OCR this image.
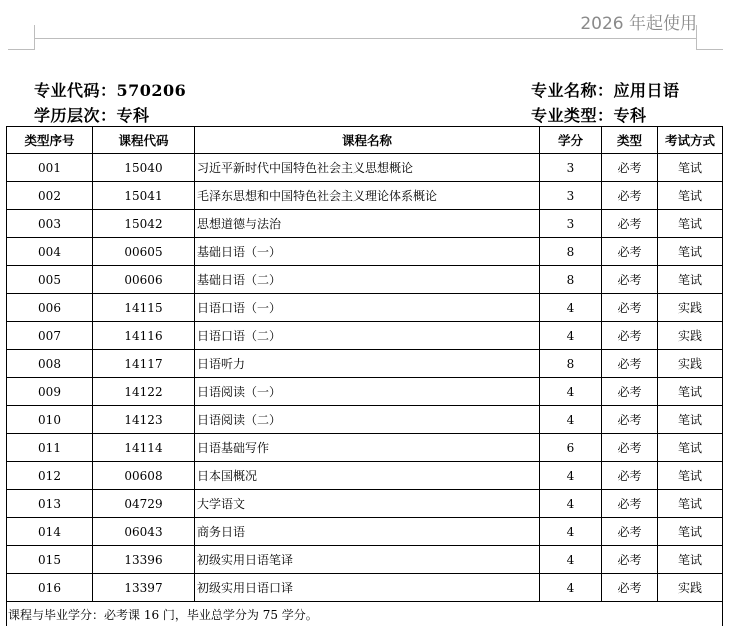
2026 年起使用
专业代码：570206	专业名称：应用日语
学历层次：专科	专业类型：专科
类型序号	课程代码	课程名称	学分	类型	考试方式
001	15040	习近平新时代中国特色社会主义思想概论	3	必考	笔试
002	15041	毛泽东思想和中国特色社会主义理论体系概论	3	必考	笔试
003	15042	思想道德与法治	3	必考	笔试
004	00605	基础日语（一）	8	必考	笔试
005	00606	基础日语（二）	8	必考	笔试
006	14115	日语口语（一）	4	必考	实践
007	14116	日语口语（二）	4	必考	实践
008	14117	日语听力	8	必考	实践
009	14122	日语阅读（一）	4	必考	笔试
010	14123	日语阅读（二）	4	必考	笔试
011	14114	日语基础写作	6	必考	笔试
012	00608	日本国概况	4	必考	笔试
013	04729	大学语文	4	必考	笔试
014	06043	商务日语	4	必考	笔试
015	13396	初级实用日语笔译	4	必考	笔试
016	13397	初级实用日语口译	4	必考	实践
课程与毕业学分：必考课 16 门，毕业总学分为 75 学分。					
